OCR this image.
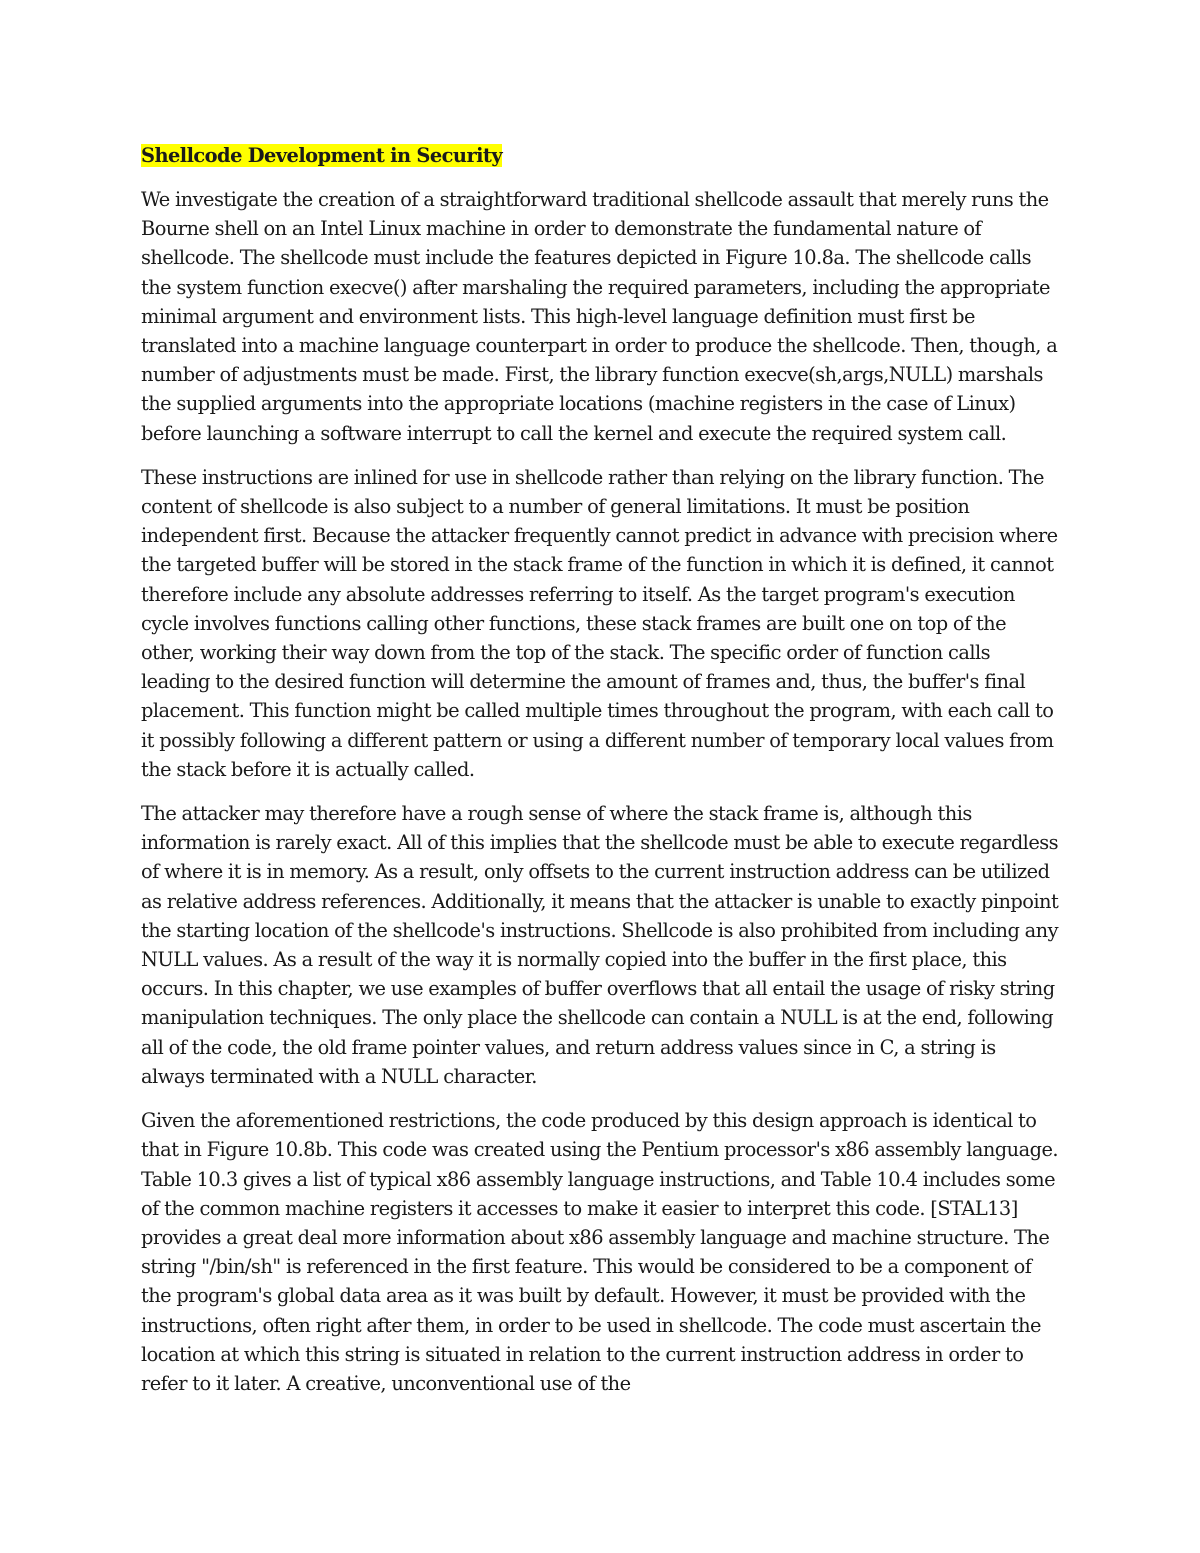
Shellcode Development in Security

We investigate the creation of a straightforward traditional shellcode assault that merely runs the Bourne shell on an Intel Linux machine in order to demonstrate the fundamental nature of shellcode. The shellcode must include the features depicted in Figure 10.8a. The shellcode calls the system function execve() after marshaling the required parameters, including the appropriate minimal argument and environment lists. This high-level language definition must first be translated into a machine language counterpart in order to produce the shellcode. Then, though, a number of adjustments must be made. First, the library function execve(sh,args,NULL) marshals the supplied arguments into the appropriate locations (machine registers in the case of Linux) before launching a software interrupt to call the kernel and execute the required system call.

These instructions are inlined for use in shellcode rather than relying on the library function. The content of shellcode is also subject to a number of general limitations. It must be position independent first. Because the attacker frequently cannot predict in advance with precision where the targeted buffer will be stored in the stack frame of the function in which it is defined, it cannot therefore include any absolute addresses referring to itself. As the target program's execution cycle involves functions calling other functions, these stack frames are built one on top of the other, working their way down from the top of the stack. The specific order of function calls leading to the desired function will determine the amount of frames and, thus, the buffer's final placement. This function might be called multiple times throughout the program, with each call to it possibly following a different pattern or using a different number of temporary local values from the stack before it is actually called.

The attacker may therefore have a rough sense of where the stack frame is, although this information is rarely exact. All of this implies that the shellcode must be able to execute regardless of where it is in memory. As a result, only offsets to the current instruction address can be utilized as relative address references. Additionally, it means that the attacker is unable to exactly pinpoint the starting location of the shellcode's instructions. Shellcode is also prohibited from including any NULL values. As a result of the way it is normally copied into the buffer in the first place, this occurs. In this chapter, we use examples of buffer overflows that all entail the usage of risky string manipulation techniques. The only place the shellcode can contain a NULL is at the end, following all of the code, the old frame pointer values, and return address values since in C, a string is always terminated with a NULL character.

Given the aforementioned restrictions, the code produced by this design approach is identical to that in Figure 10.8b. This code was created using the Pentium processor's x86 assembly language. Table 10.3 gives a list of typical x86 assembly language instructions, and Table 10.4 includes some of the common machine registers it accesses to make it easier to interpret this code. [STAL13] provides a great deal more information about x86 assembly language and machine structure. The string "/bin/sh" is referenced in the first feature. This would be considered to be a component of the program's global data area as it was built by default. However, it must be provided with the instructions, often right after them, in order to be used in shellcode. The code must ascertain the location at which this string is situated in relation to the current instruction address in order to refer to it later. A creative, unconventional use of the
